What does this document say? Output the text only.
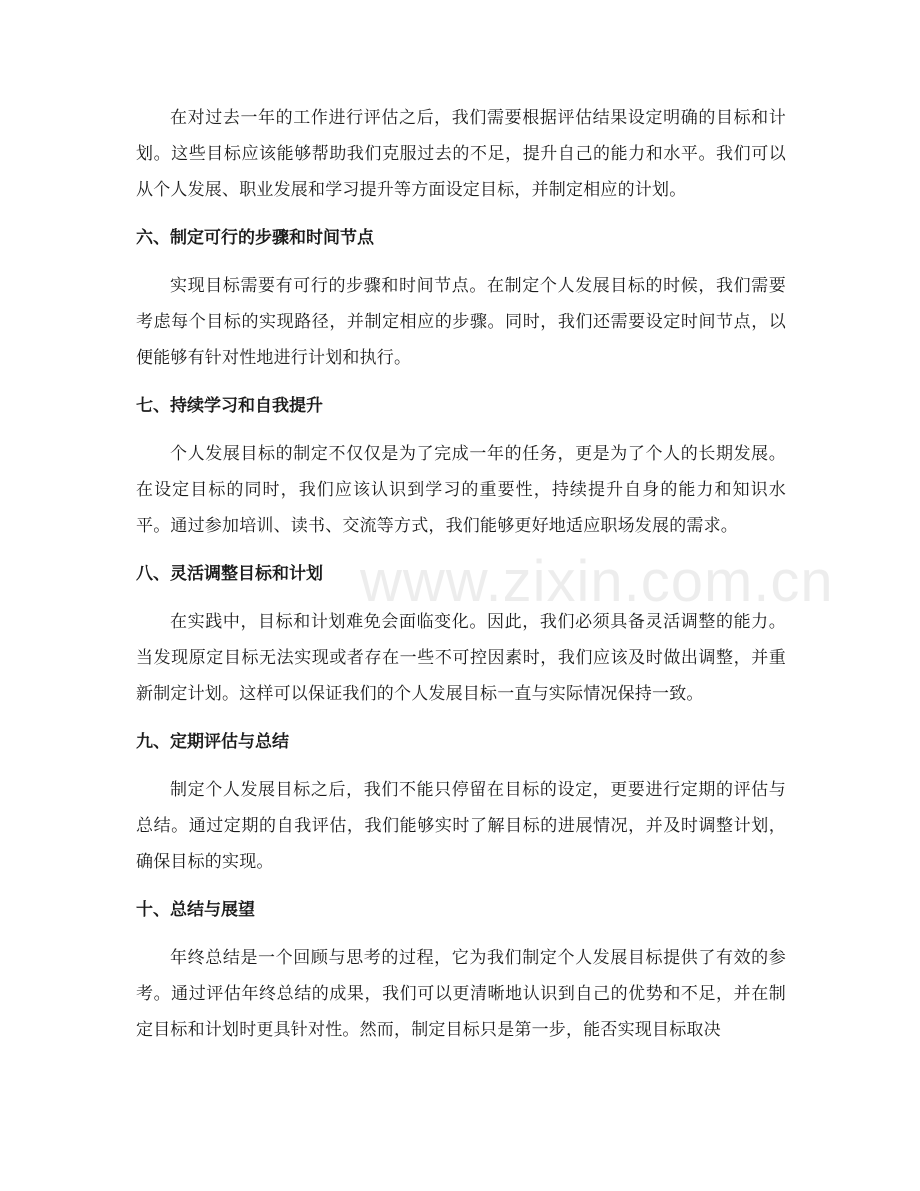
在对过去一年的工作进行评估之后，我们需要根据评估结果设定明确的目标和计划。这些目标应该能够帮助我们克服过去的不足，提升自己的能力和水平。我们可以从个人发展、职业发展和学习提升等方面设定目标，并制定相应的计划。

六、制定可行的步骤和时间节点

实现目标需要有可行的步骤和时间节点。在制定个人发展目标的时候，我们需要考虑每个目标的实现路径，并制定相应的步骤。同时，我们还需要设定时间节点，以便能够有针对性地进行计划和执行。

七、持续学习和自我提升

个人发展目标的制定不仅仅是为了完成一年的任务，更是为了个人的长期发展。在设定目标的同时，我们应该认识到学习的重要性，持续提升自身的能力和知识水平。通过参加培训、读书、交流等方式，我们能够更好地适应职场发展的需求。

八、灵活调整目标和计划

在实践中，目标和计划难免会面临变化。因此，我们必须具备灵活调整的能力。当发现原定目标无法实现或者存在一些不可控因素时，我们应该及时做出调整，并重新制定计划。这样可以保证我们的个人发展目标一直与实际情况保持一致。

九、定期评估与总结

制定个人发展目标之后，我们不能只停留在目标的设定，更要进行定期的评估与总结。通过定期的自我评估，我们能够实时了解目标的进展情况，并及时调整计划，确保目标的实现。

十、总结与展望

年终总结是一个回顾与思考的过程，它为我们制定个人发展目标提供了有效的参考。通过评估年终总结的成果，我们可以更清晰地认识到自己的优势和不足，并在制定目标和计划时更具针对性。然而，制定目标只是第一步，能否实现目标取决

www.zixin.com.cn
